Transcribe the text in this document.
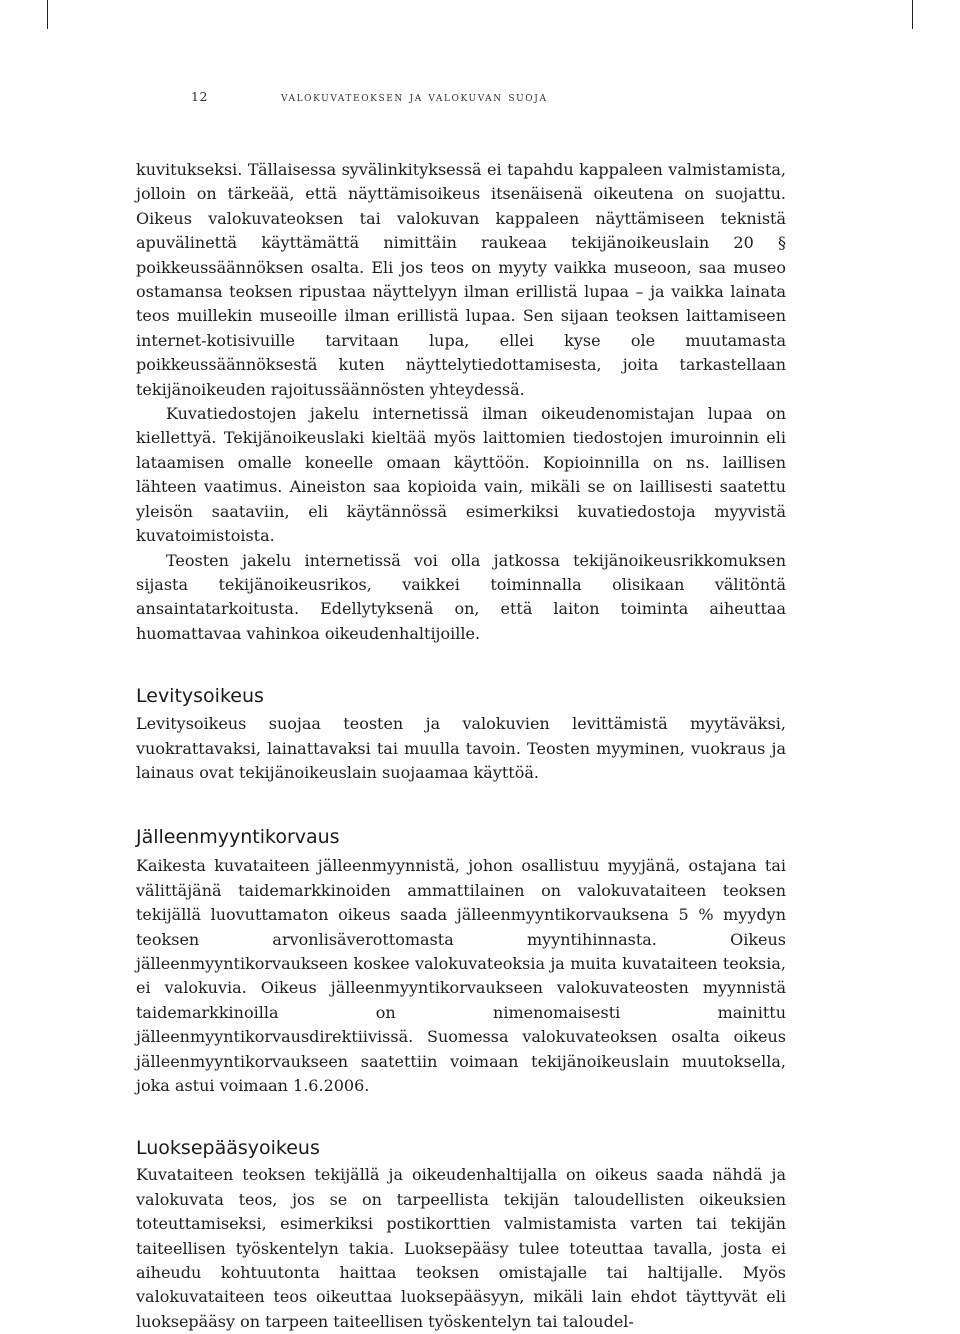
12	valokuvateoksen ja valokuvan suoja

kuvitukseksi. Tällaisessa syvälinkityksessä ei tapahdu kappaleen valmistamista, jolloin on tärkeää, että näyttämisoikeus itsenäisenä oikeutena on suojattu. Oikeus valokuvateoksen tai valokuvan kappaleen näyttämiseen teknistä apuvälinettä käyttämättä nimittäin raukeaa tekijänoikeuslain 20 § poikkeussäännöksen osalta. Eli jos teos on myyty vaikka museoon, saa museo ostamansa teoksen ripustaa näyttelyyn ilman erillistä lupaa – ja vaikka lainata teos muillekin museoille ilman erillistä lupaa. Sen sijaan teoksen laittamiseen internet-kotisivuille tarvitaan lupa, ellei kyse ole muutamasta poikkeussäännöksestä kuten näyttelytiedottamisesta, joita tarkastellaan tekijänoikeuden rajoitussäännösten yhteydessä.

Kuvatiedostojen jakelu internetissä ilman oikeudenomistajan lupaa on kiellettyä. Tekijänoikeuslaki kieltää myös laittomien tiedostojen imuroinnin eli lataamisen omalle koneelle omaan käyttöön. Kopioinnilla on ns. laillisen lähteen vaatimus. Aineiston saa kopioida vain, mikäli se on laillisesti saatettu yleisön saataviin, eli käytännössä esimerkiksi kuvatiedostoja myyvistä kuvatoimistoista.

Teosten jakelu internetissä voi olla jatkossa tekijänoikeusrikkomuksen sijasta tekijänoikeusrikos, vaikkei toiminnalla olisikaan välitöntä ansaintatarkoitusta. Edellytyksenä on, että laiton toiminta aiheuttaa huomattavaa vahinkoa oikeudenhaltijoille.

Levitysoikeus

Levitysoikeus suojaa teosten ja valokuvien levittämistä myytäväksi, vuokrattavaksi, lainattavaksi tai muulla tavoin. Teosten myyminen, vuokraus ja lainaus ovat tekijänoikeuslain suojaamaa käyttöä.

Jälleenmyyntikorvaus

Kaikesta kuvataiteen jälleenmyynnistä, johon osallistuu myyjänä, ostajana tai välittäjänä taidemarkkinoiden ammattilainen on valokuvataiteen teoksen tekijällä luovuttamaton oikeus saada jälleenmyyntikorvauksena 5 % myydyn teoksen arvonlisäverottomasta myyntihinnasta. Oikeus jälleenmyyntikorvaukseen koskee valokuvateoksia ja muita kuvataiteen teoksia, ei valokuvia. Oikeus jälleenmyyntikorvaukseen valokuvateosten myynnistä taidemarkkinoilla on nimenomaisesti mainittu jälleenmyyntikorvausdirektiivissä. Suomessa valokuvateoksen osalta oikeus jälleenmyyntikorvaukseen saatettiin voimaan tekijänoikeuslain muutoksella, joka astui voimaan 1.6.2006.

Luoksepääsyoikeus

Kuvataiteen teoksen tekijällä ja oikeudenhaltijalla on oikeus saada nähdä ja valokuvata teos, jos se on tarpeellista tekijän taloudellisten oikeuksien toteuttamiseksi, esimerkiksi postikorttien valmistamista varten tai tekijän taiteellisen työskentelyn takia. Luoksepääsy tulee toteuttaa tavalla, josta ei aiheudu kohtuutonta haittaa teoksen omistajalle tai haltijalle. Myös valokuvataiteen teos oikeuttaa luoksepääsyyn, mikäli lain ehdot täyttyvät eli luoksepääsy on tarpeen taiteellisen työskentelyn tai taloudel-
